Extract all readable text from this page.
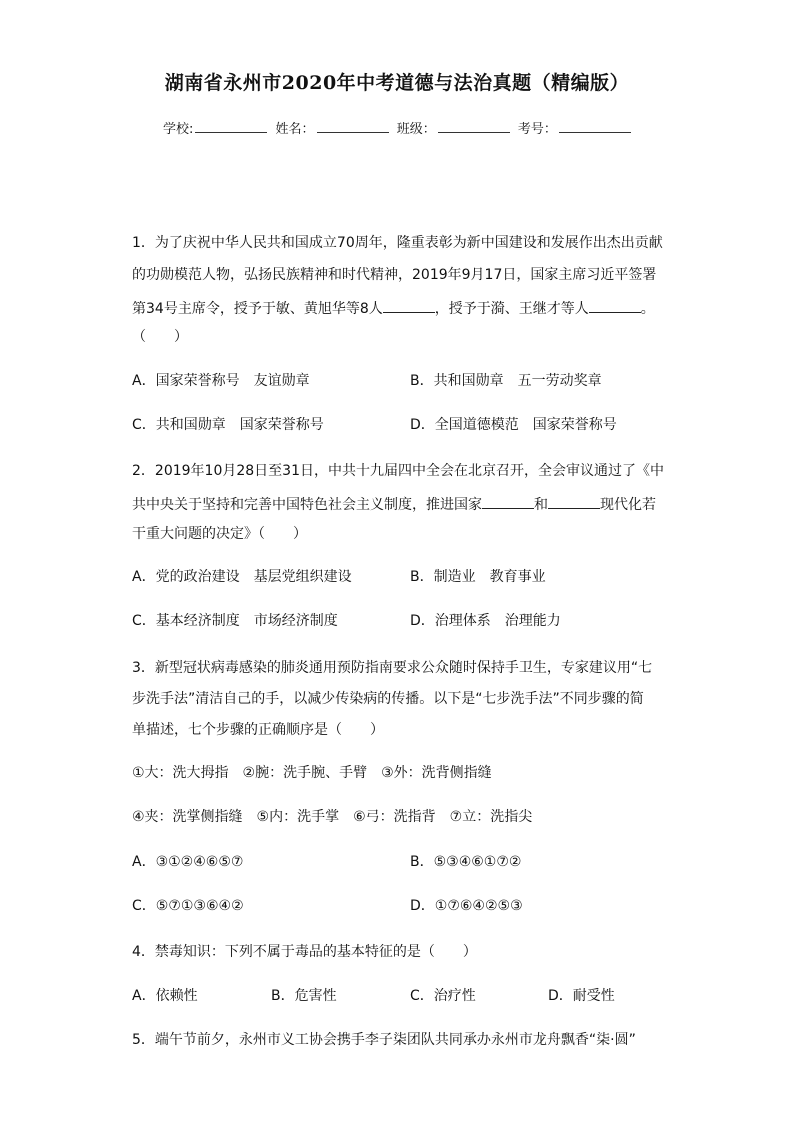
湖南省永州市2020年中考道德与法治真题（精编版）
学校:	姓名：	班级：	考号：
1．为了庆祝中华人民共和国成立70周年，隆重表彰为新中国建设和发展作出杰出贡献
的功勋模范人物，弘扬民族精神和时代精神，2019年9月17日，国家主席习近平签署
第34号主席令，授予于敏、黄旭华等8人	，授予于漪、王继才等人	。
（　　）
A．国家荣誉称号　友谊勋章	B．共和国勋章　五一劳动奖章
C．共和国勋章　国家荣誉称号	D．全国道德模范　国家荣誉称号
2．2019年10月28日至31日，中共十九届四中全会在北京召开，全会审议通过了《中
共中央关于坚持和完善中国特色社会主义制度，推进国家	和	现代化若
干重大问题的决定》（　　）
A．党的政治建设　基层党组织建设	B．制造业　教育事业
C．基本经济制度　市场经济制度	D．治理体系　治理能力
3．新型冠状病毒感染的肺炎通用预防指南要求公众随时保持手卫生，专家建议用“七
步洗手法”清洁自己的手，以减少传染病的传播。以下是“七步洗手法”不同步骤的简
单描述，七个步骤的正确顺序是（　　）
①大：洗大拇指　②腕：洗手腕、手臂　③外：洗背侧指缝
④夹：洗掌侧指缝　⑤内：洗手掌　⑥弓：洗指背　⑦立：洗指尖
A．③①②④⑥⑤⑦	B．⑤③④⑥①⑦②
C．⑤⑦①③⑥④②	D．①⑦⑥④②⑤③
4．禁毒知识：下列不属于毒品的基本特征的是（　　）
A．依赖性	B．危害性	C．治疗性	D．耐受性
5．端午节前夕，永州市义工协会携手李子柒团队共同承办永州市龙舟飘香“柒·圆”
